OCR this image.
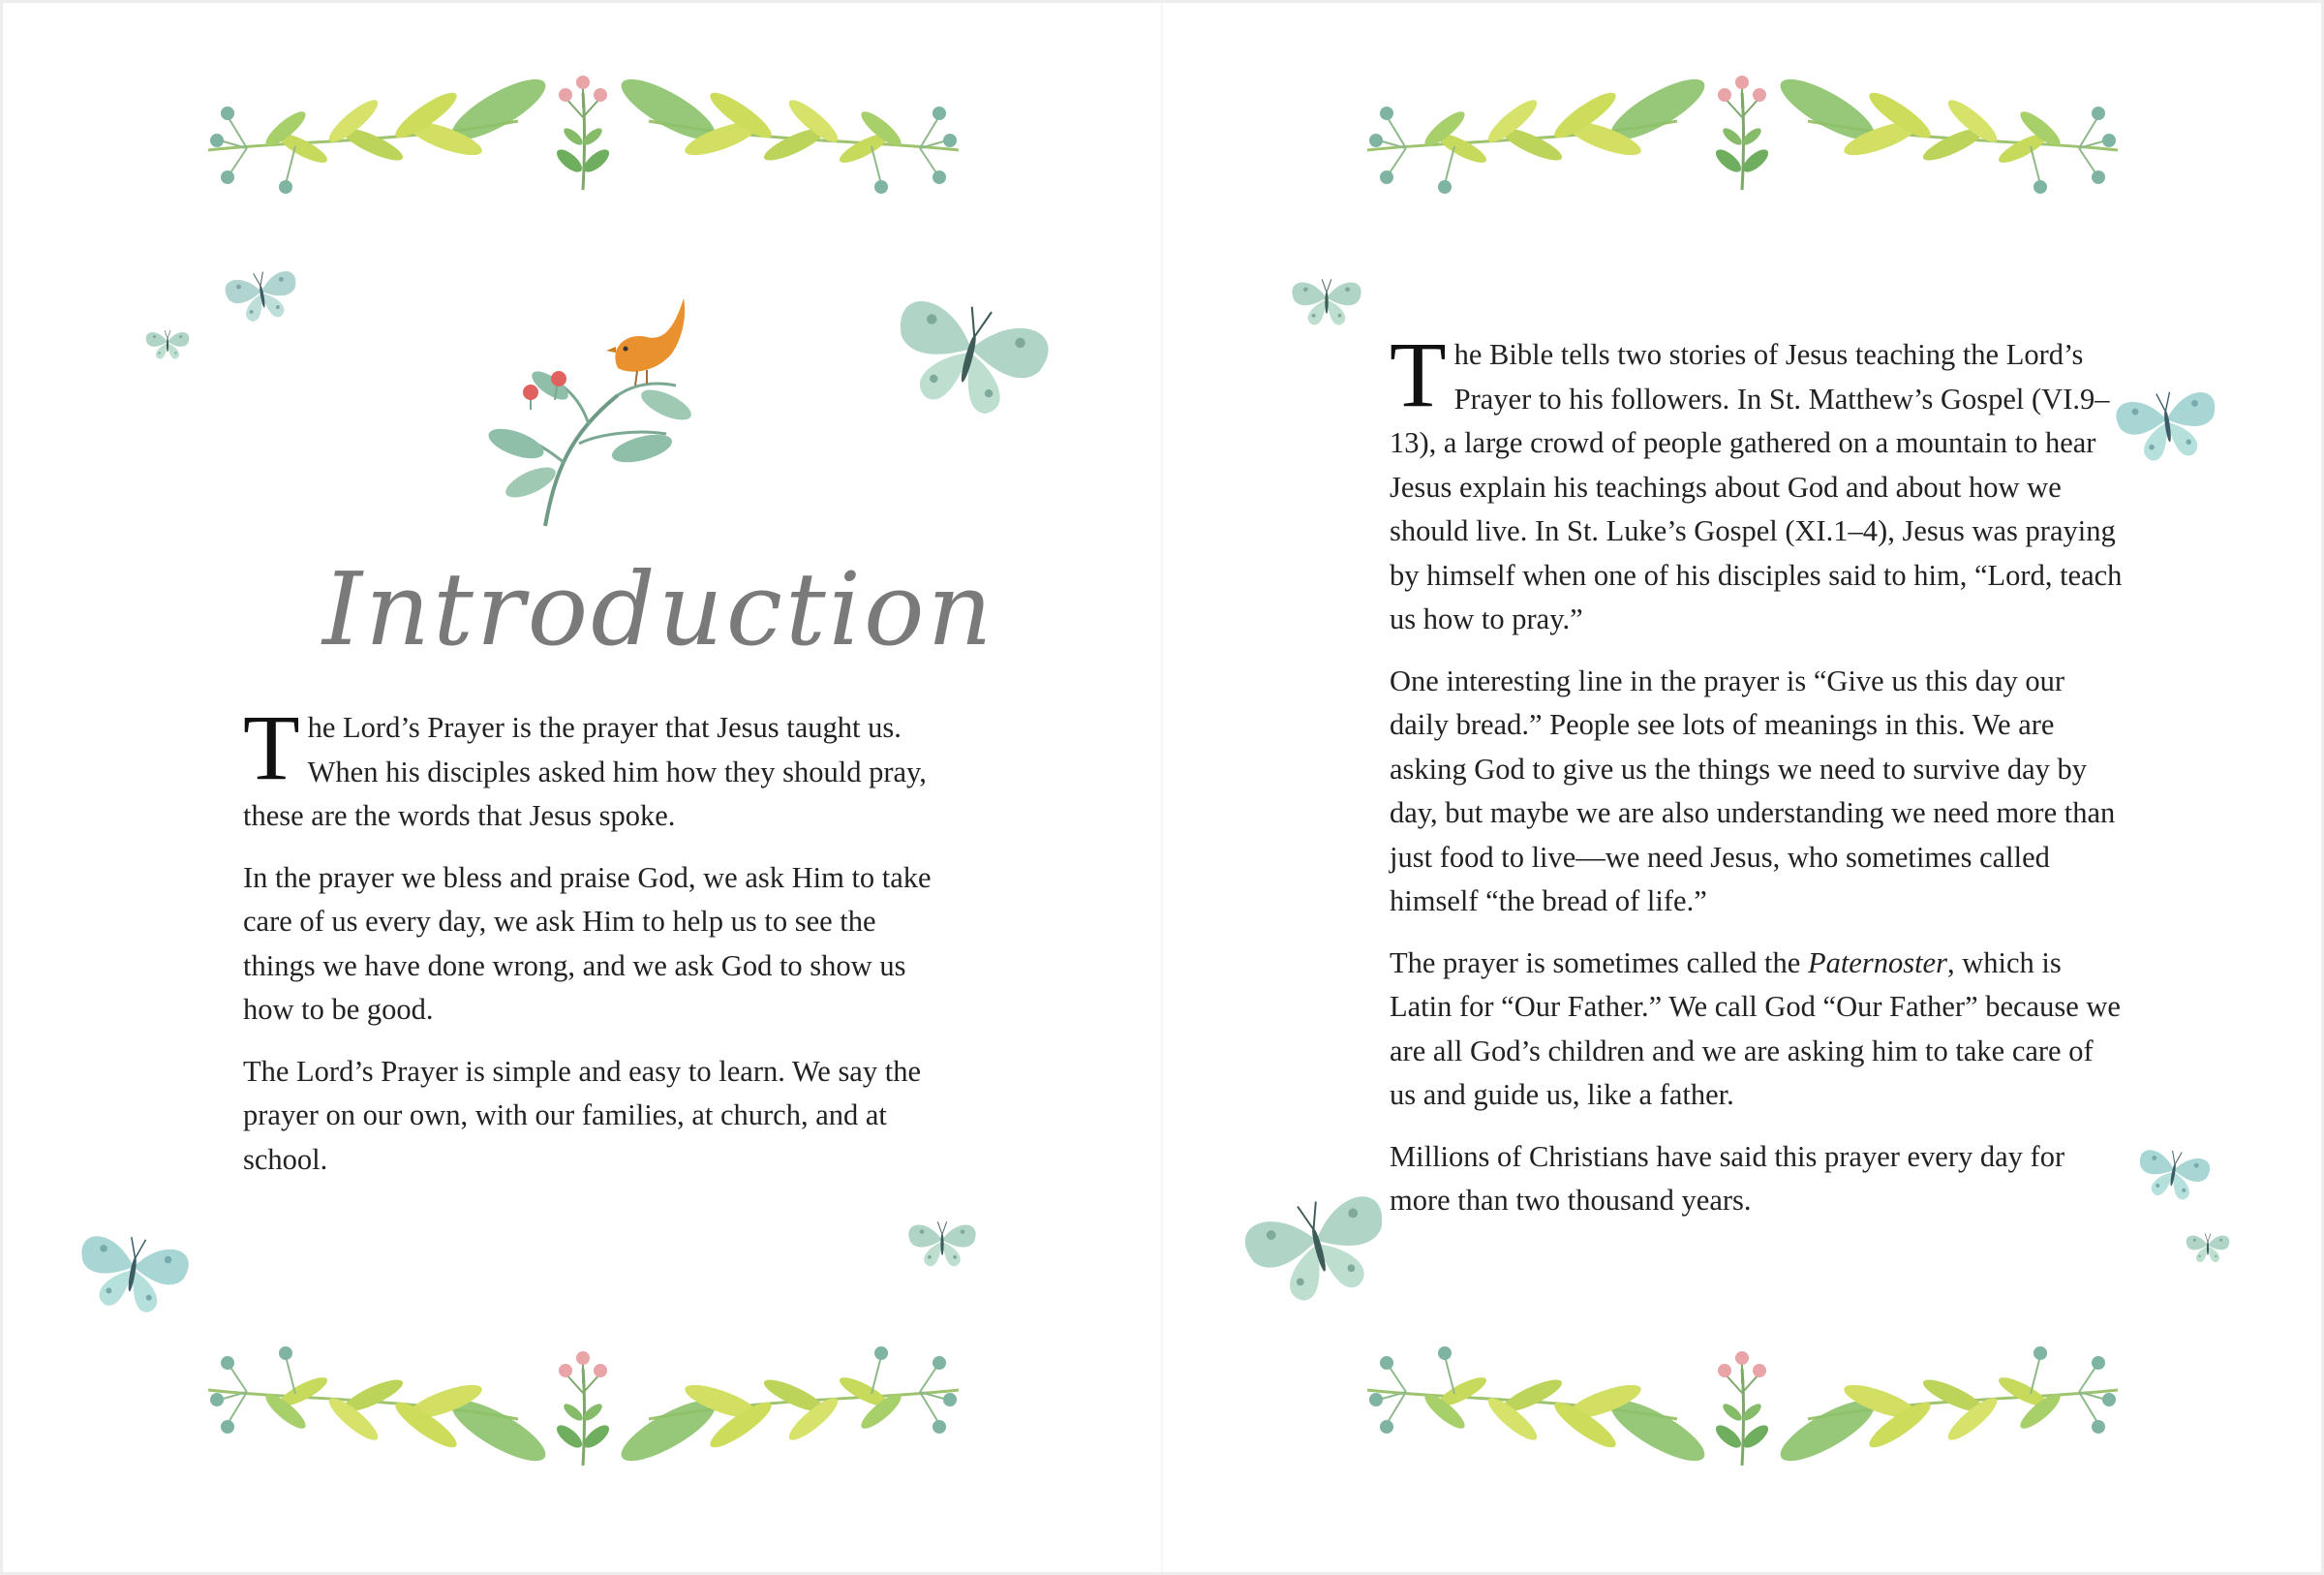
Introduction

The Lord’s Prayer is the prayer that Jesus taught us. When his disciples asked him how they should pray, these are the words that Jesus spoke.

In the prayer we bless and praise God, we ask Him to take care of us every day, we ask Him to help us to see the things we have done wrong, and we ask God to show us how to be good.

The Lord’s Prayer is simple and easy to learn. We say the prayer on our own, with our families, at church, and at school.

The Bible tells two stories of Jesus teaching the Lord’s Prayer to his followers. In St. Matthew’s Gospel (VI.9–13), a large crowd of people gathered on a mountain to hear Jesus explain his teachings about God and about how we should live. In St. Luke’s Gospel (XI.1–4), Jesus was praying by himself when one of his disciples said to him, “Lord, teach us how to pray.”

One interesting line in the prayer is “Give us this day our daily bread.” People see lots of meanings in this. We are asking God to give us the things we need to survive day by day, but maybe we are also understanding we need more than just food to live—we need Jesus, who sometimes called himself “the bread of life.”

The prayer is sometimes called the Paternoster, which is Latin for “Our Father.” We call God “Our Father” because we are all God’s children and we are asking him to take care of us and guide us, like a father.

Millions of Christians have said this prayer every day for more than two thousand years.
